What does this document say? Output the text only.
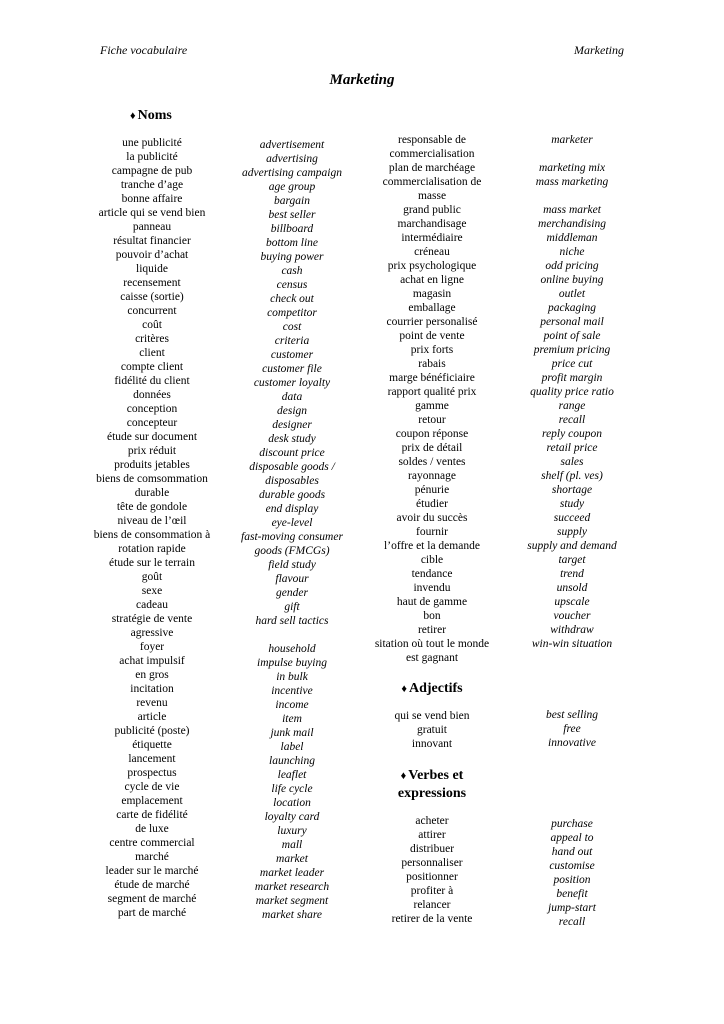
Fiche vocabulaire	Marketing
Marketing
♦ Noms
♦ Adjectifs
♦ Verbes et
expressions
une publicité
la publicité
campagne de pub
tranche d’age
bonne affaire
article qui se vend bien
panneau
résultat financier
pouvoir d’achat
liquide
recensement
caisse (sortie)
concurrent
coût
critères
client
compte client
fidélité du client
données
conception
concepteur
étude sur document
prix réduit
produits jetables
biens de comsommation
durable
tête de gondole
niveau de l’œil
biens de consommation à
rotation rapide
étude sur le terrain
goût
sexe
cadeau
stratégie de vente
agressive
foyer
achat impulsif
en gros
incitation
revenu
article
publicité (poste)
étiquette
lancement
prospectus
cycle de vie
emplacement
carte de fidélité
de luxe
centre commercial
marché
leader sur le marché
étude de marché
segment de marché
part de marché
advertisement
advertising
advertising campaign
age group
bargain
best seller
billboard
bottom line
buying power
cash
census
check out
competitor
cost
criteria
customer
customer file
customer loyalty
data
design
designer
desk study
discount price
disposable goods /
disposables
durable goods
end display
eye-level
fast-moving consumer
goods (FMCGs)
field study
flavour
gender
gift
hard sell tactics
household
impulse buying
in bulk
incentive
income
item
junk mail
label
launching
leaflet
life cycle
location
loyalty card
luxury
mall
market
market leader
market research
market segment
market share
responsable de
commercialisation
plan de marchéage
commercialisation de
masse
grand public
marchandisage
intermédiaire
créneau
prix psychologique
achat en ligne
magasin
emballage
courrier personalisé
point de vente
prix forts
rabais
marge bénéficiaire
rapport qualité prix
gamme
retour
coupon réponse
prix de détail
soldes / ventes
rayonnage
pénurie
étudier
avoir du succès
fournir
l’offre et la demande
cible
tendance
invendu
haut de gamme
bon
retirer
sitation où tout le monde
est gagnant
marketer
marketing mix
mass marketing
mass market
merchandising
middleman
niche
odd pricing
online buying
outlet
packaging
personal mail
point of sale
premium pricing
price cut
profit margin
quality price ratio
range
recall
reply coupon
retail price
sales
shelf (pl. ves)
shortage
study
succeed
supply
supply and demand
target
trend
unsold
upscale
voucher
withdraw
win-win situation
qui se vend bien
gratuit
innovant
best selling
free
innovative
acheter
attirer
distribuer
personnaliser
positionner
profiter à
relancer
retirer de la vente
purchase
appeal to
hand out
customise
position
benefit
jump-start
recall
